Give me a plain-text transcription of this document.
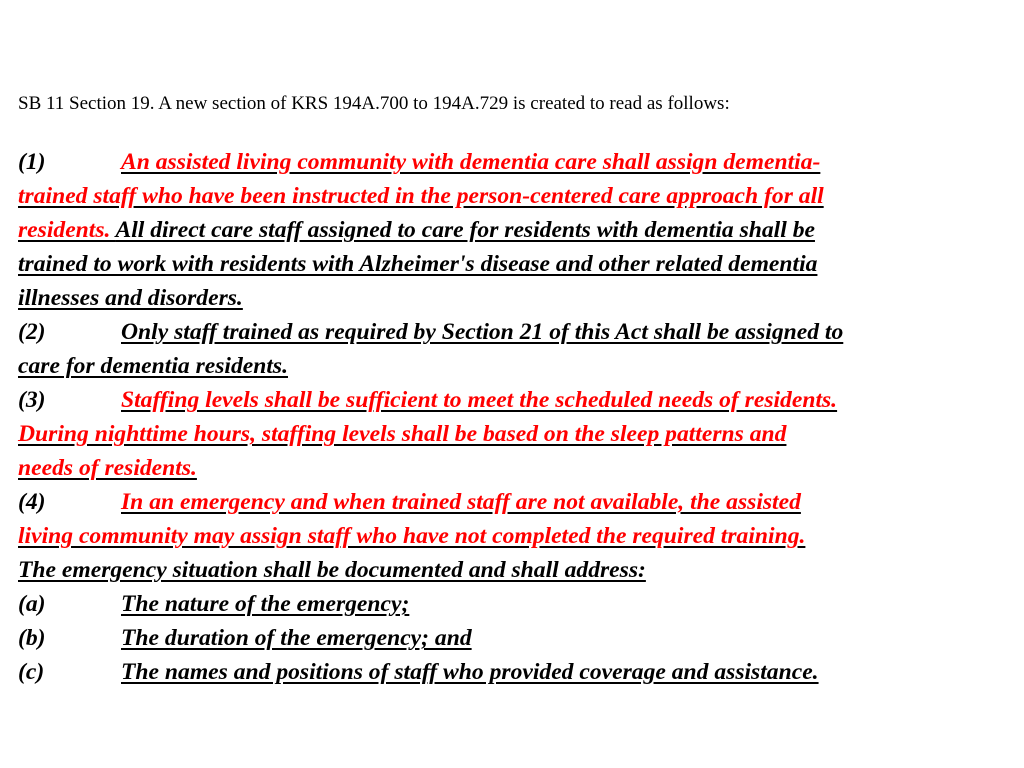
SB 11 Section 19. A new section of KRS 194A.700 to 194A.729 is created to read as follows:
(1)	An assisted living community with dementia care shall assign dementia-
trained staff who have been instructed in the person-centered care approach for all
residents. All direct care staff assigned to care for residents with dementia shall be
trained to work with residents with Alzheimer's disease and other related dementia
illnesses and disorders.
(2)	Only staff trained as required by Section 21 of this Act shall be assigned to
care for dementia residents.
(3)	Staffing levels shall be sufficient to meet the scheduled needs of residents.
During nighttime hours, staffing levels shall be based on the sleep patterns and
needs of residents.
(4)	In an emergency and when trained staff are not available, the assisted
living community may assign staff who have not completed the required training.
The emergency situation shall be documented and shall address:
(a)	The nature of the emergency;
(b)	The duration of the emergency; and
(c)	The names and positions of staff who provided coverage and assistance.
